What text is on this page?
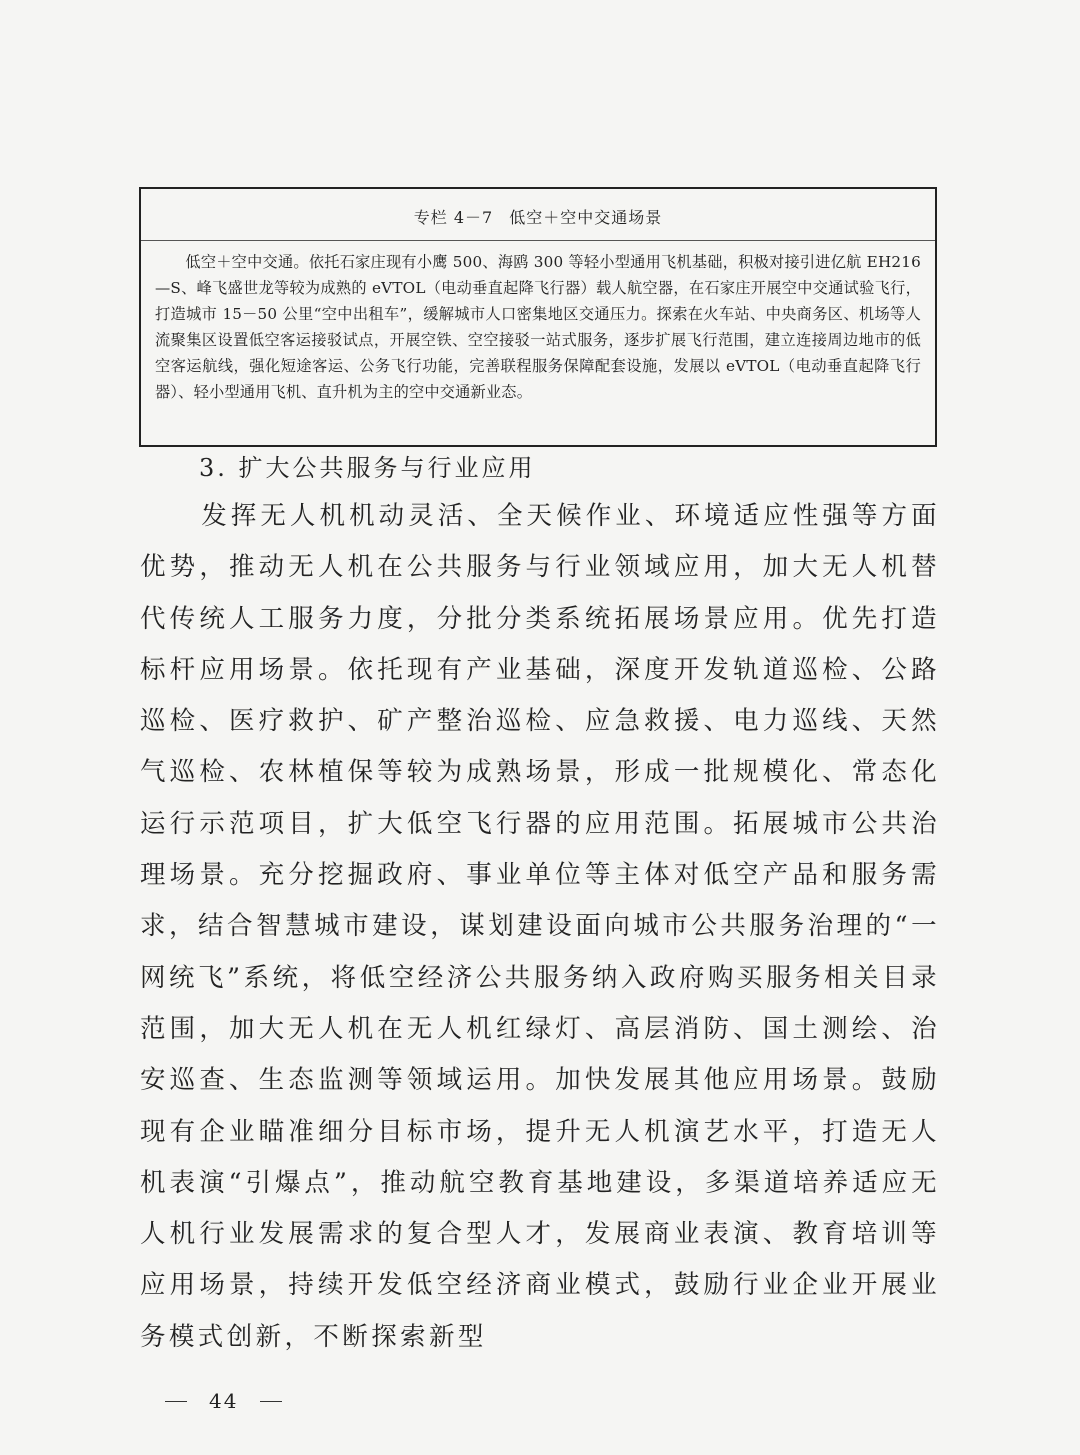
专栏 4－7 低空＋空中交通场景
低空＋空中交通。依托石家庄现有小鹰 500、海鸥 300 等轻小型通用飞机基础，积极对接引进亿航 EH216—S、峰飞盛世龙等较为成熟的 eVTOL（电动垂直起降飞行器）载人航空器，在石家庄开展空中交通试验飞行，打造城市 15－50 公里“空中出租车”，缓解城市人口密集地区交通压力。探索在火车站、中央商务区、机场等人流聚集区设置低空客运接驳试点，开展空铁、空空接驳一站式服务，逐步扩展飞行范围，建立连接周边地市的低空客运航线，强化短途客运、公务飞行功能，完善联程服务保障配套设施，发展以 eVTOL（电动垂直起降飞行器）、轻小型通用飞机、直升机为主的空中交通新业态。
3. 扩大公共服务与行业应用

发挥无人机机动灵活、全天候作业、环境适应性强等方面优势，推动无人机在公共服务与行业领域应用，加大无人机替代传统人工服务力度，分批分类系统拓展场景应用。优先打造标杆应用场景。依托现有产业基础，深度开发轨道巡检、公路巡检、医疗救护、矿产整治巡检、应急救援、电力巡线、天然气巡检、农林植保等较为成熟场景，形成一批规模化、常态化运行示范项目，扩大低空飞行器的应用范围。拓展城市公共治理场景。充分挖掘政府、事业单位等主体对低空产品和服务需求，结合智慧城市建设，谋划建设面向城市公共服务治理的“一网统飞”系统，将低空经济公共服务纳入政府购买服务相关目录范围，加大无人机在无人机红绿灯、高层消防、国土测绘、治安巡查、生态监测等领域运用。加快发展其他应用场景。鼓励现有企业瞄准细分目标市场，提升无人机演艺水平，打造无人机表演“引爆点”，推动航空教育基地建设，多渠道培养适应无人机行业发展需求的复合型人才，发展商业表演、教育培训等应用场景，持续开发低空经济商业模式，鼓励行业企业开展业务模式创新，不断探索新型

44
